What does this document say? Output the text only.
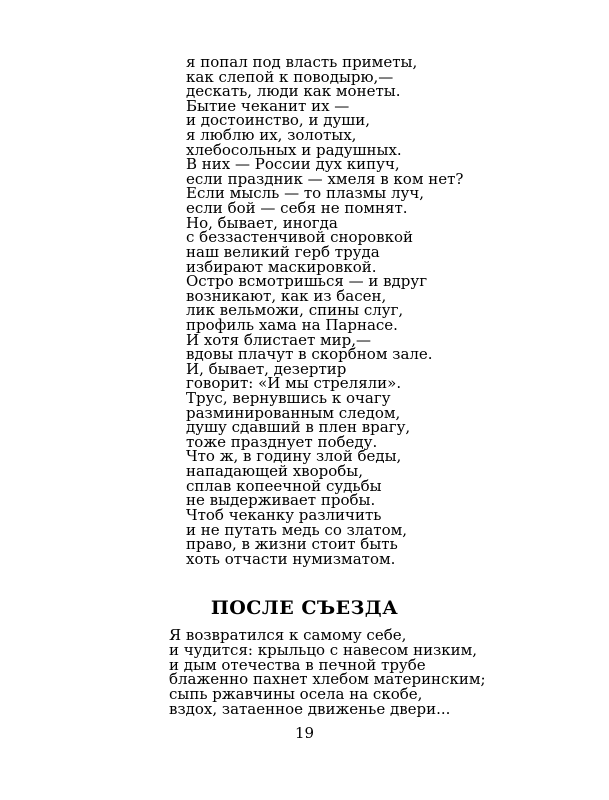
я попал под власть приметы,
как слепой к поводырю,—
дескать, люди как монеты.
Бытие чеканит их —
и достоинство, и души,
я люблю их, золотых,
хлебосольных и радушных.
В них — России дух кипуч,
если праздник — хмеля в ком нет?
Если мысль — то плазмы луч,
если бой — себя не помнят.
Но, бывает, иногда
с беззастенчивой сноровкой
наш великий герб труда
избирают маскировкой.
Остро всмотришься — и вдруг
возникают, как из басен,
лик вельможи, спины слуг,
профиль хама на Парнасе.
И хотя блистает мир,—
вдовы плачут в скорбном зале.
И, бывает, дезертир
говорит: «И мы стреляли».
Трус, вернувшись к очагу
разминированным следом,
душу сдавший в плен врагу,
тоже празднует победу.
Что ж, в годину злой беды,
нападающей хворобы,
сплав копеечной судьбы
не выдерживает пробы.
Чтоб чеканку различить
и не путать медь со златом,
право, в жизни стоит быть
хоть отчасти нумизматом.
ПОСЛЕ СЪЕЗДА
Я возвратился к самому себе,
и чудится: крыльцо с навесом низким,
и дым отечества в печной трубе
блаженно пахнет хлебом материнским;
сыпь ржавчины осела на скобе,
вздох, затаенное движенье двери...
19
